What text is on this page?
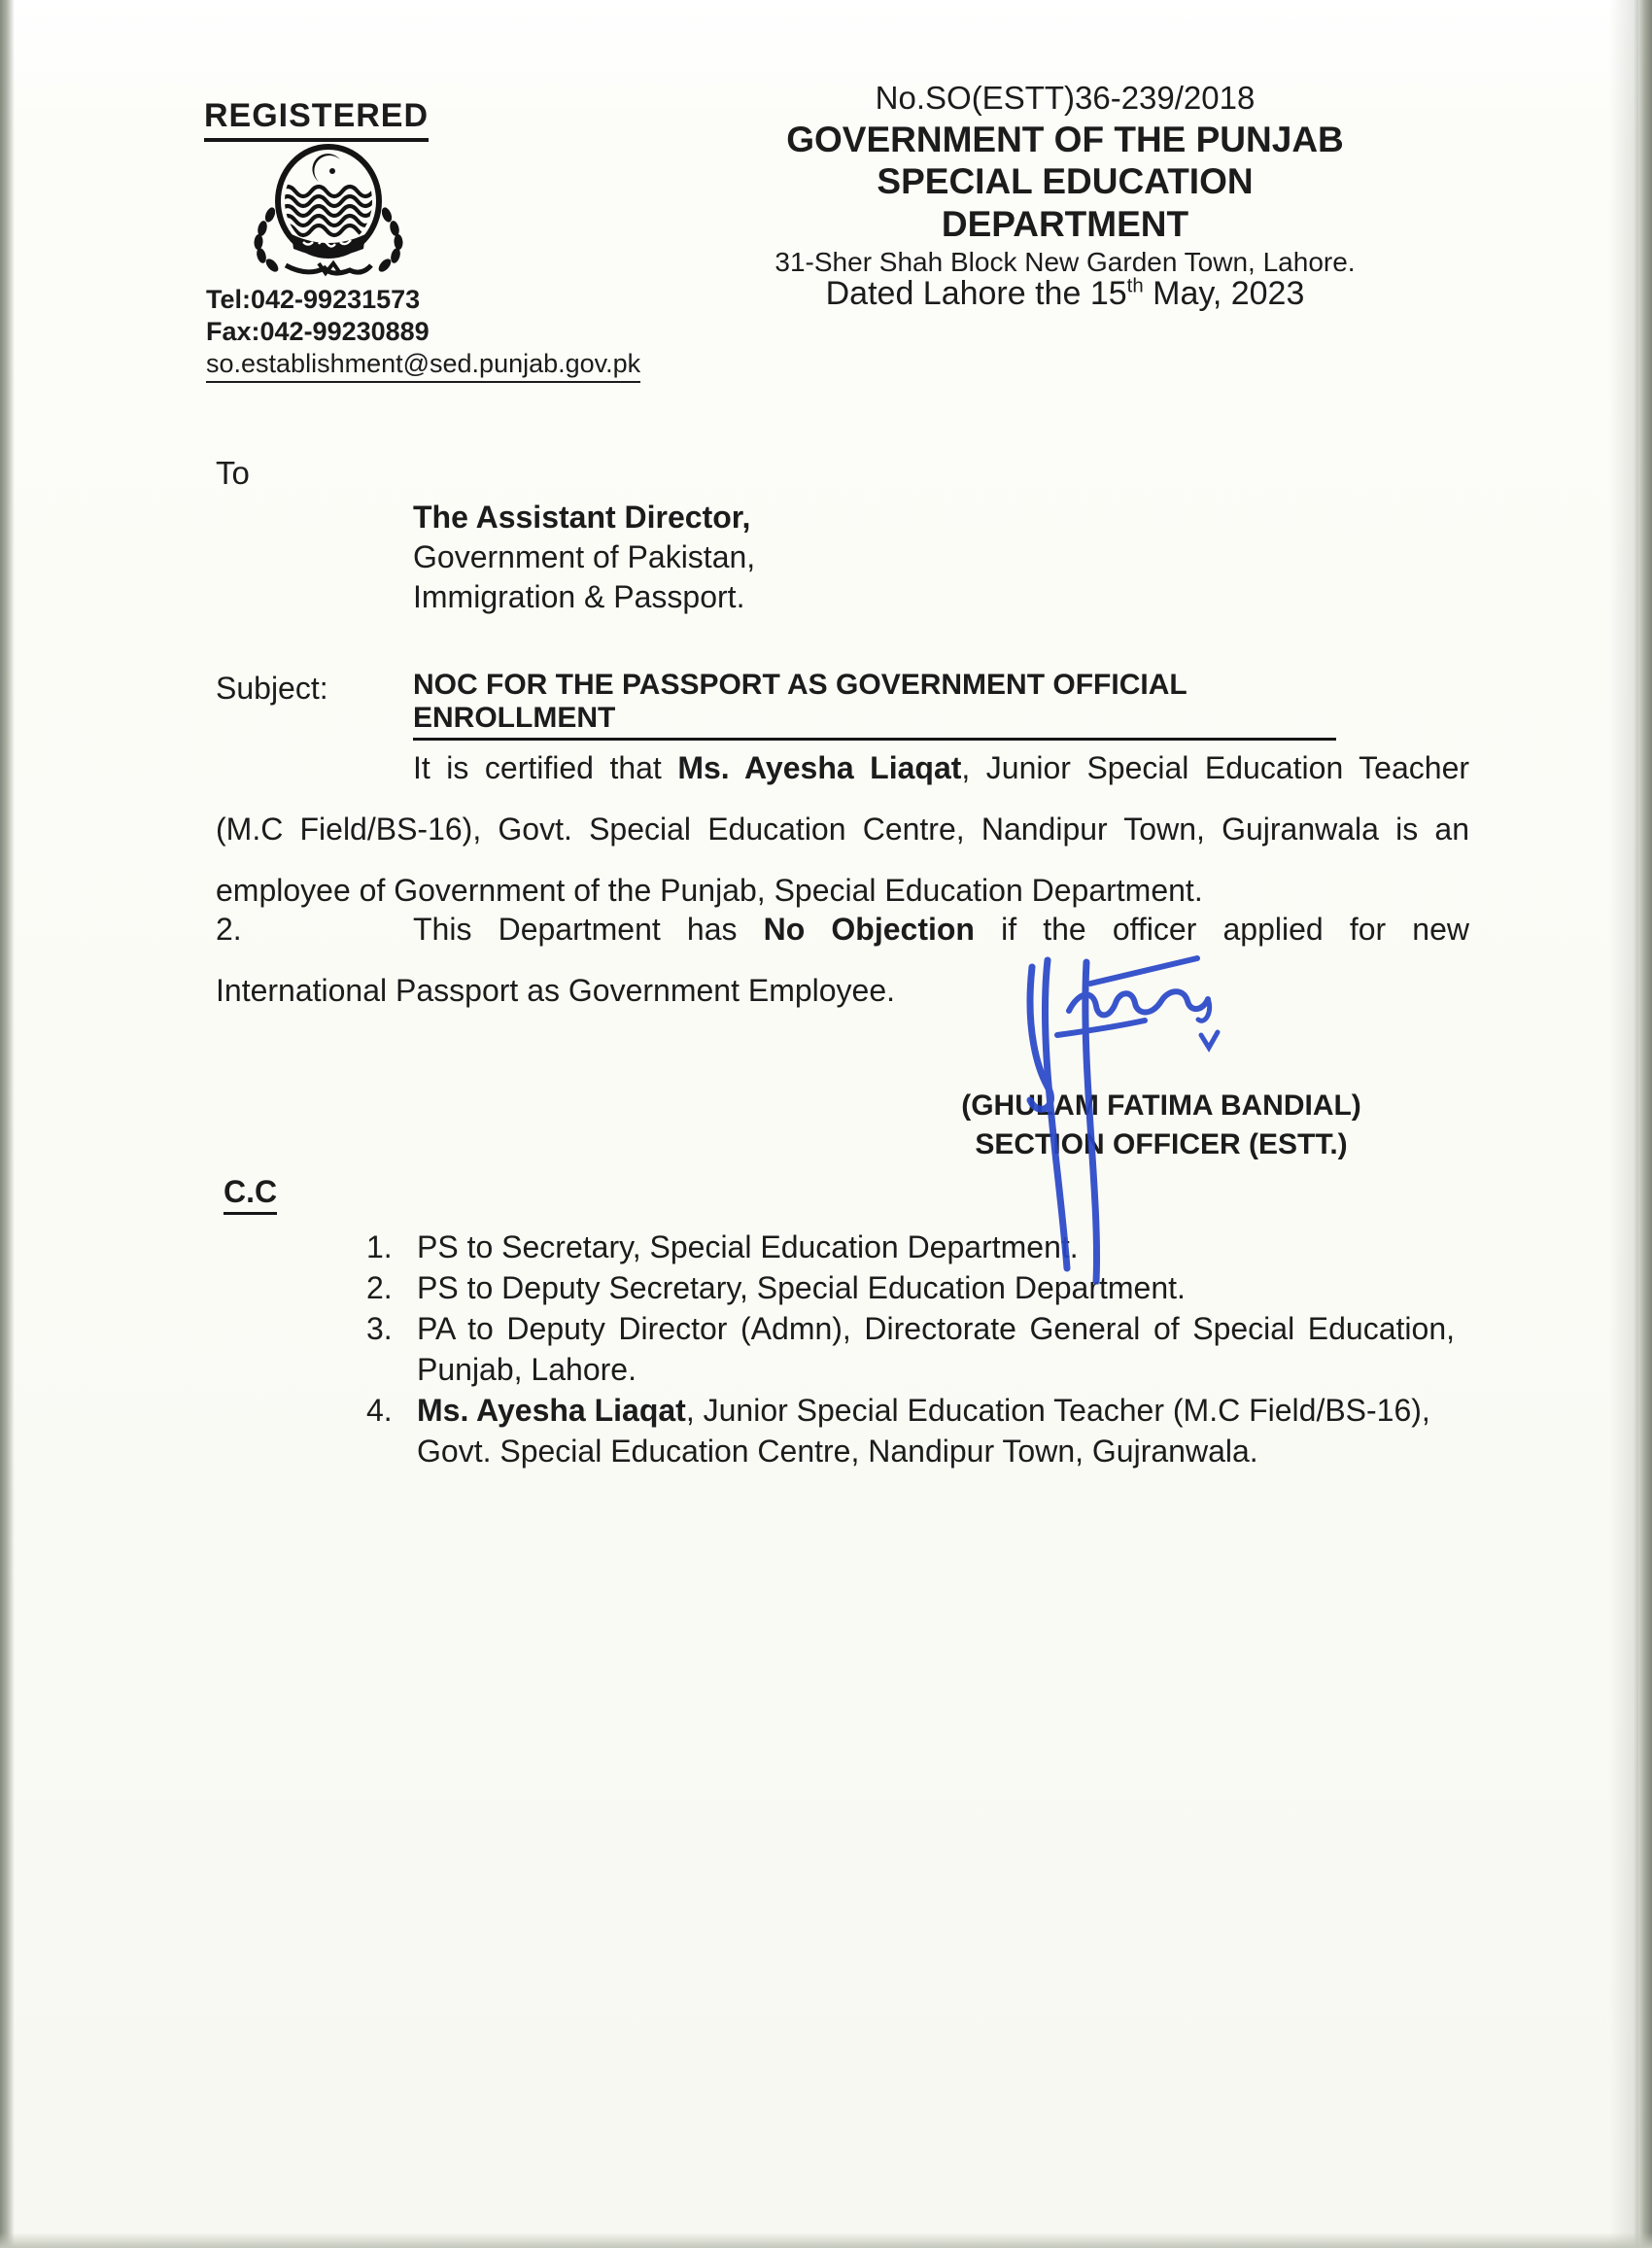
REGISTERED
Tel:042-99231573
Fax:042-99230889
so.establishment@sed.punjab.gov.pk
No.SO(ESTT)36-239/2018
GOVERNMENT OF THE PUNJAB
SPECIAL EDUCATION DEPARTMENT
31-Sher Shah Block New Garden Town, Lahore.
Dated Lahore the 15th May, 2023
To
The Assistant Director,
Government of Pakistan,
Immigration & Passport.
Subject:	NOC FOR THE PASSPORT AS GOVERNMENT OFFICIAL ENROLLMENT

It is certified that Ms. Ayesha Liaqat, Junior Special Education Teacher (M.C Field/BS-16), Govt. Special Education Centre, Nandipur Town, Gujranwala is an employee of Government of the Punjab, Special Education Department.

2.	This Department has No Objection if the officer applied for new International Passport as Government Employee.

(GHULAM FATIMA BANDIAL)
SECTION OFFICER (ESTT.)
C.C
1. PS to Secretary, Special Education Department.
2. PS to Deputy Secretary, Special Education Department.
3. PA to Deputy Director (Admn), Directorate General of Special Education, Punjab, Lahore.
4. Ms. Ayesha Liaqat, Junior Special Education Teacher (M.C Field/BS-16), Govt. Special Education Centre, Nandipur Town, Gujranwala.
